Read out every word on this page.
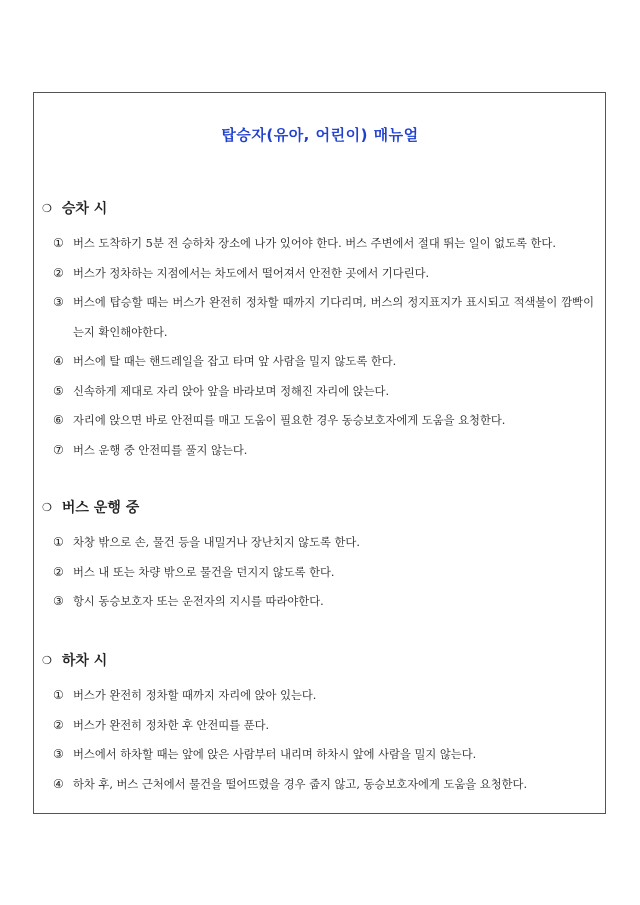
탑승자(유아, 어린이) 매뉴얼
❍ 승차 시
① 버스 도착하기 5분 전 승하차 장소에 나가 있어야 한다. 버스 주변에서 절대 뛰는 일이 없도록 한다.
② 버스가 정차하는 지점에서는 차도에서 떨어져서 안전한 곳에서 기다린다.
③ 버스에 탑승할 때는 버스가 완전히 정차할 때까지 기다리며, 버스의 정지표지가 표시되고 적색불이 깜빡이는지 확인해야한다.
④ 버스에 탈 때는 핸드레일을 잡고 타며 앞 사람을 밀지 않도록 한다.
⑤ 신속하게 제대로 자리 앉아 앞을 바라보며 정해진 자리에 앉는다.
⑥ 자리에 앉으면 바로 안전띠를 매고 도움이 필요한 경우 동승보호자에게 도움을 요청한다.
⑦ 버스 운행 중 안전띠를 풀지 않는다.
❍ 버스 운행 중
① 차창 밖으로 손, 물건 등을 내밀거나 장난치지 않도록 한다.
② 버스 내 또는 차량 밖으로 물건을 던지지 않도록 한다.
③ 항시 동승보호자 또는 운전자의 지시를 따라야한다.
❍ 하차 시
① 버스가 완전히 정차할 때까지 자리에 앉아 있는다.
② 버스가 완전히 정차한 후 안전띠를 푼다.
③ 버스에서 하차할 때는 앞에 앉은 사람부터 내리며 하차시 앞에 사람을 밀지 않는다.
④ 하차 후, 버스 근처에서 물건을 떨어뜨렸을 경우 줍지 않고, 동승보호자에게 도움을 요청한다.
